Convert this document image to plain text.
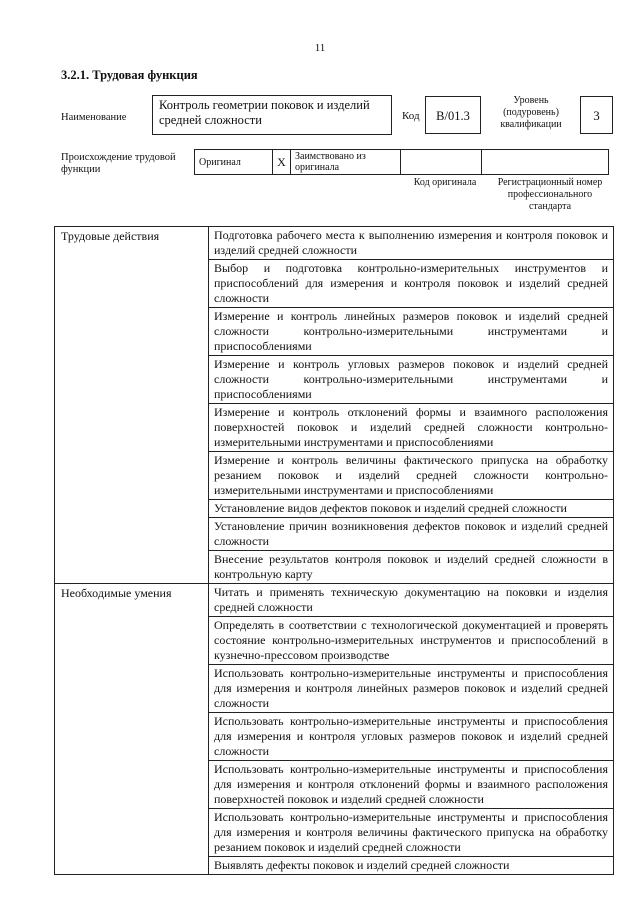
11
3.2.1. Трудовая функция
Наименование
Контроль геометрии поковок и изделий средней сложности	Код	B/01.3
Уровень (подуровень) квалификации
3
Происхождение трудовой функции
Оригинал	X	Заимствовано из оригинала		
Код оригинала	Регистрационный номер профессионального стандарта
Трудовые действия	Подготовка рабочего места к выполнению измерения и контроля поковок и изделий средней сложности
	Выбор и подготовка контрольно-измерительных инструментов и приспособлений для измерения и контроля поковок и изделий средней сложности
	Измерение и контроль линейных размеров поковок и изделий средней сложности контрольно-измерительными инструментами и приспособлениями
	Измерение и контроль угловых размеров поковок и изделий средней сложности контрольно-измерительными инструментами и приспособлениями
	Измерение и контроль отклонений формы и взаимного расположения поверхностей поковок и изделий средней сложности контрольно-измерительными инструментами и приспособлениями
	Измерение и контроль величины фактического припуска на обработку резанием поковок и изделий средней сложности контрольно-измерительными инструментами и приспособлениями
	Установление видов дефектов поковок и изделий средней сложности
	Установление причин возникновения дефектов поковок и изделий средней сложности
	Внесение результатов контроля поковок и изделий средней сложности в контрольную карту
Необходимые умения	Читать и применять техническую документацию на поковки и изделия средней сложности
	Определять в соответствии с технологической документацией и проверять состояние контрольно-измерительных инструментов и приспособлений в кузнечно-прессовом производстве
	Использовать контрольно-измерительные инструменты и приспособления для измерения и контроля линейных размеров поковок и изделий средней сложности
	Использовать контрольно-измерительные инструменты и приспособления для измерения и контроля угловых размеров поковок и изделий средней сложности
	Использовать контрольно-измерительные инструменты и приспособления для измерения и контроля отклонений формы и взаимного расположения поверхностей поковок и изделий средней сложности
	Использовать контрольно-измерительные инструменты и приспособления для измерения и контроля величины фактического припуска на обработку резанием поковок и изделий средней сложности
	Выявлять дефекты поковок и изделий средней сложности
